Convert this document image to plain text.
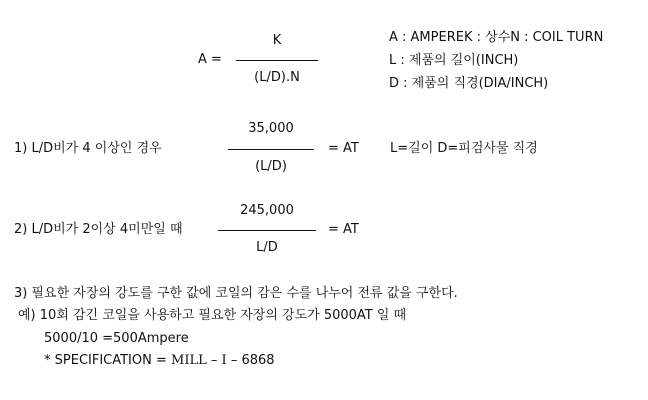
A =
K
(L/D).N
A : AMPEREK : 상수N : COIL TURN
L : 제품의 길이(INCH)
D : 제품의 직경(DIA/INCH)
1) L/D비가 4 이상인 경우
35,000
(L/D)
= AT L=길이 D=피검사물 직경
2) L/D비가 2이상 4미만일 때
245,000
L/D
= AT
3) 필요한 자장의 강도를 구한 값에 코일의 감은 수를 나누어 전류 값을 구한다.
예) 10회 감긴 코일을 사용하고 필요한 자장의 강도가 5000AT 일 때
5000/10 =500Ampere
* SPECIFICATION = MILL – I – 6868
